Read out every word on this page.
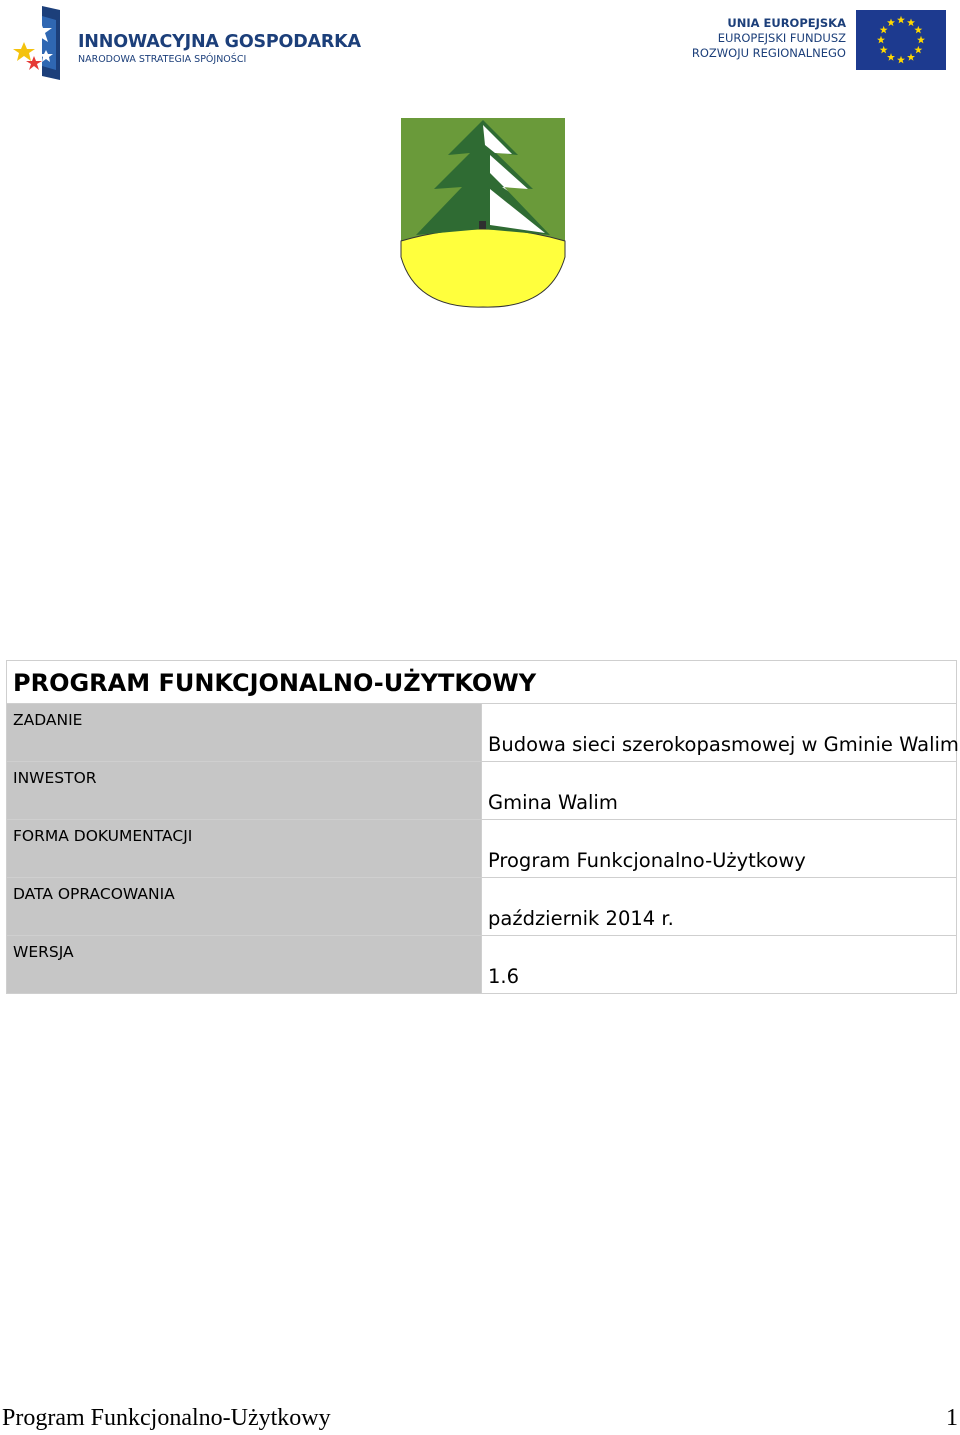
INNOWACYJNA GOSPODARKA
NARODOWA STRATEGIA SPÓJNOŚCI
UNIA EUROPEJSKA
EUROPEJSKI FUNDUSZ
ROZWOJU REGIONALNEGO
PROGRAM FUNKCJONALNO-UŻYTKOWY	

ZADANIE	Budowa sieci szerokopasmowej w Gminie Walim

INWESTOR	Gmina Walim

FORMA DOKUMENTACJI	Program Funkcjonalno-Użytkowy

DATA OPRACOWANIA	październik 2014 r.

WERSJA	1.6
Program Funkcjonalno-Użytkowy	1
